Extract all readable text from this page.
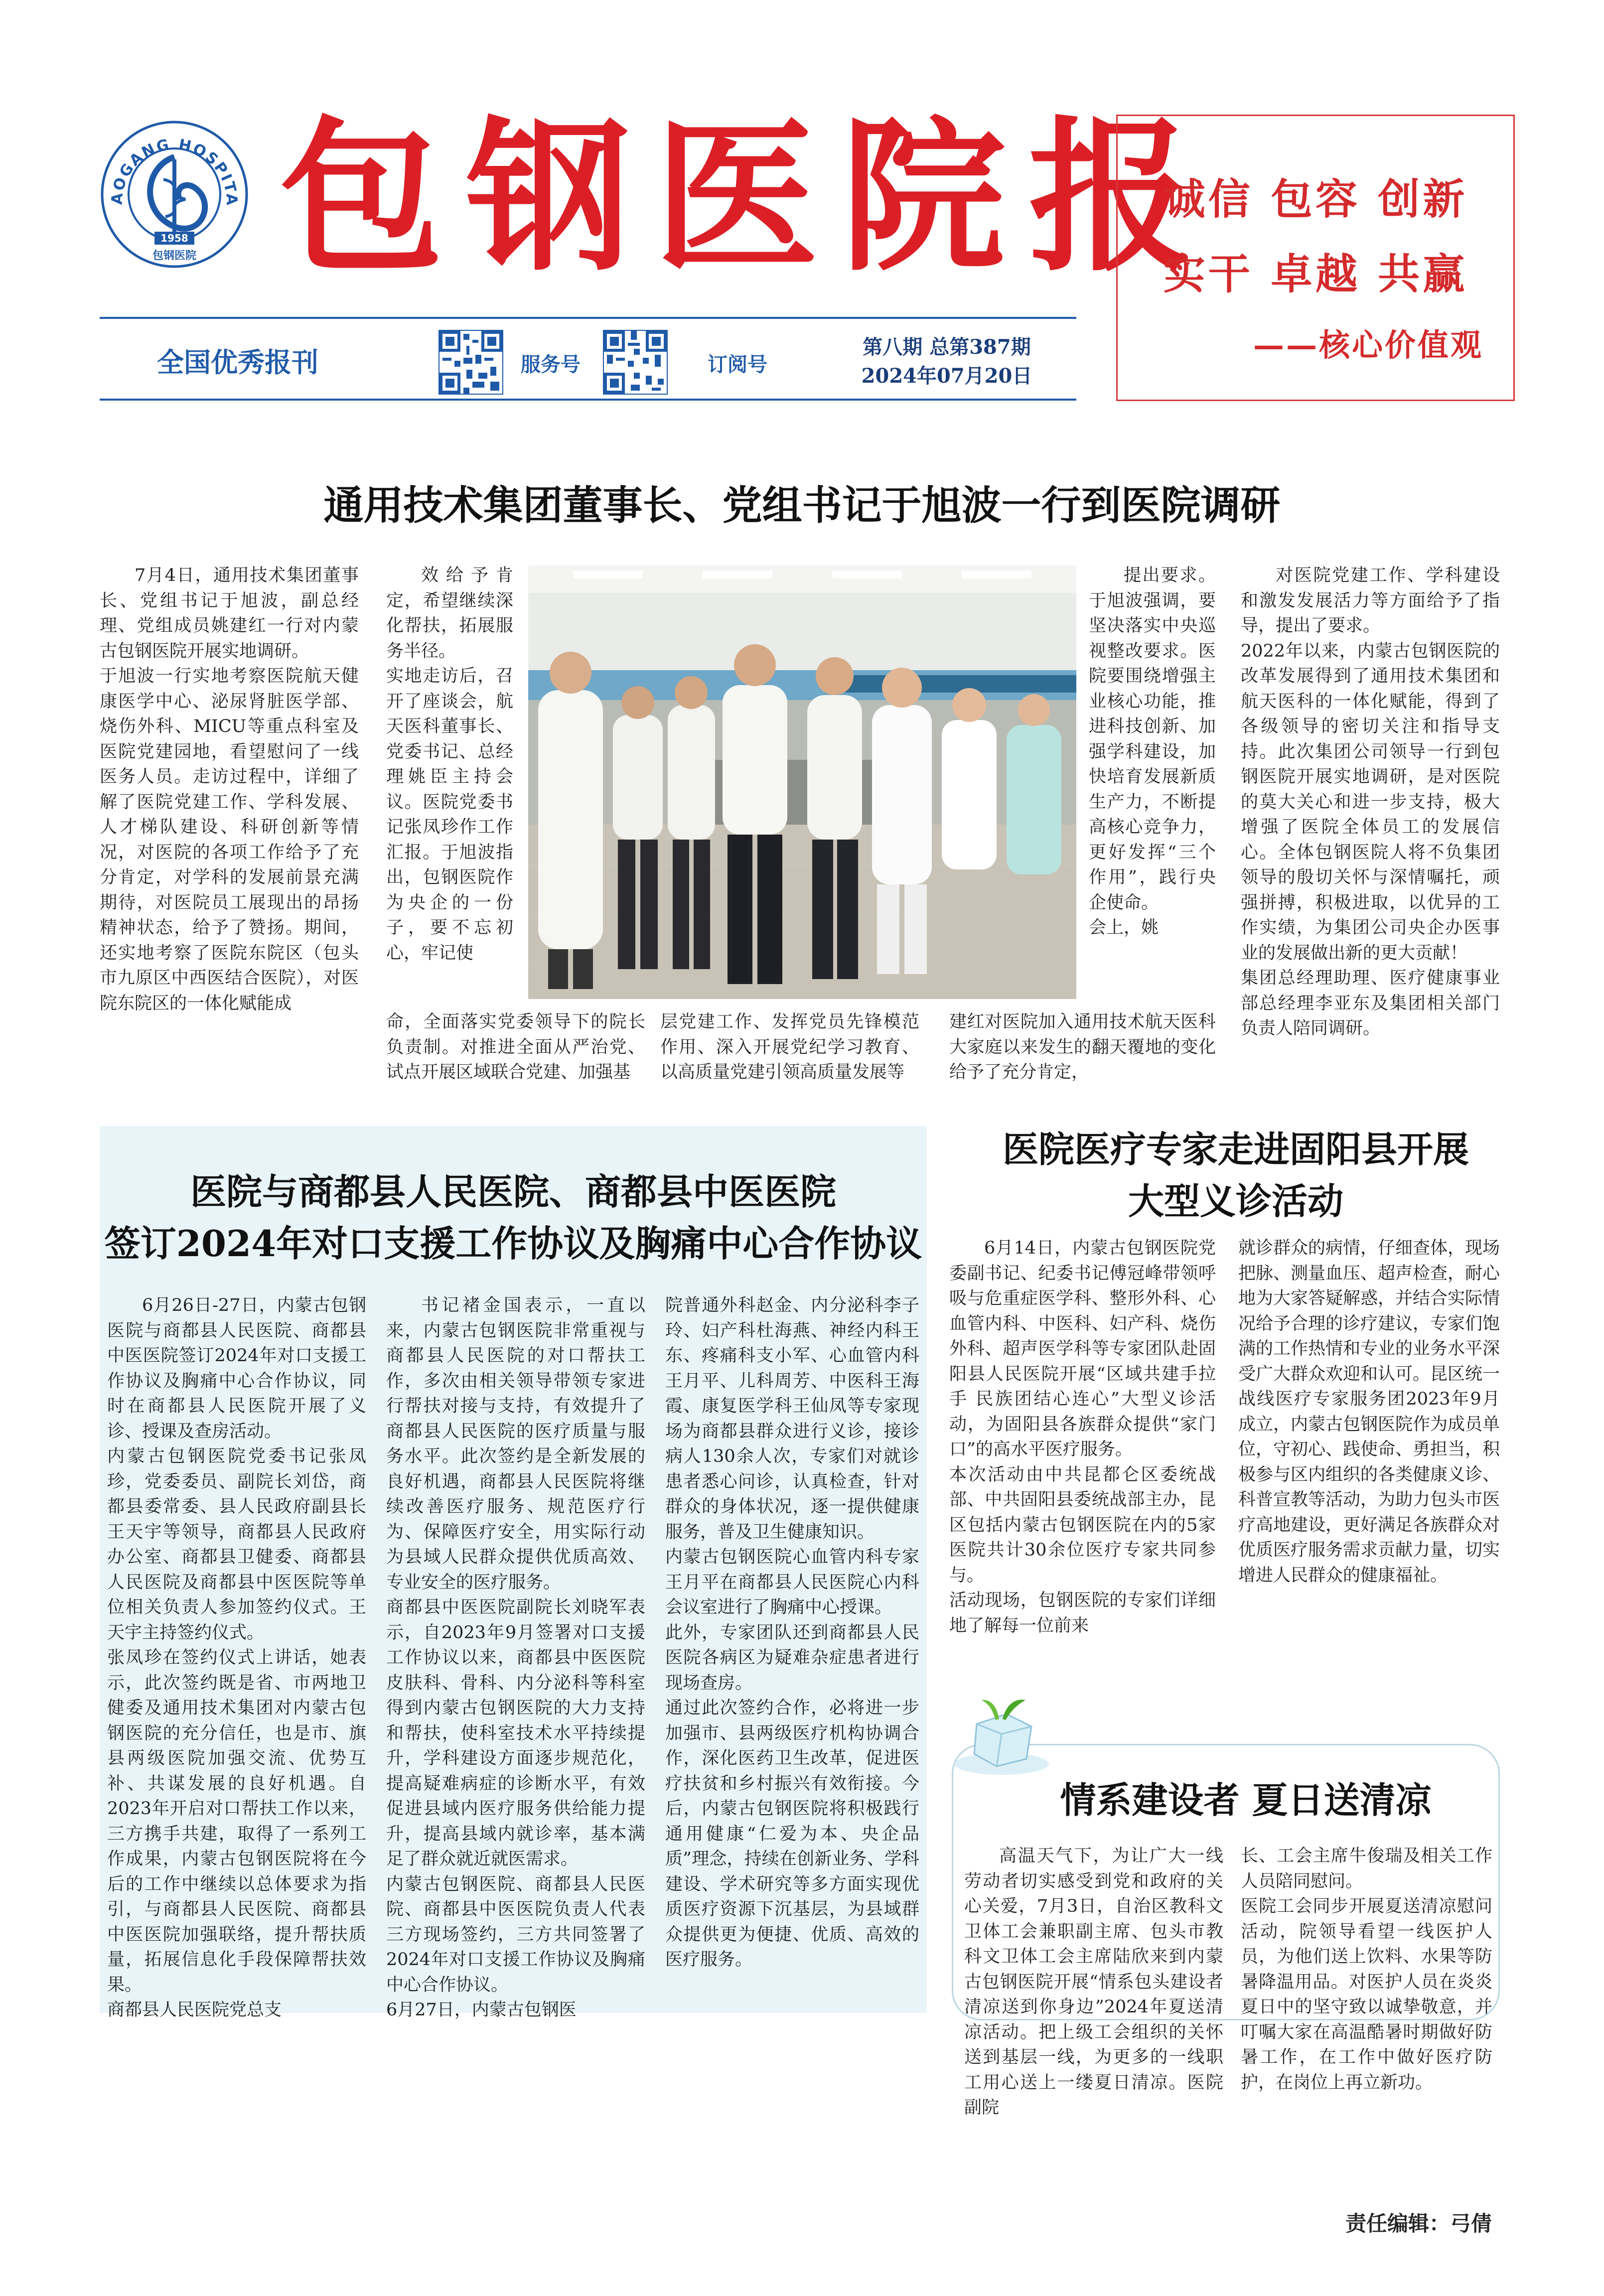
AOGANG HOSPITA
1958
包钢医院 包钢医院报
诚信 包容 创新
实干 卓越 共赢
——核心价值观
全国优秀报刊	服务号	订阅号
第八期 总第387期
2024年07月20日
通用技术集团董事长、党组书记于旭波一行到医院调研
7月4日，通用技术集团董事长、党组书记于旭波，副总经理、党组成员姚建红一行对内蒙古包钢医院开展实地调研。
于旭波一行实地考察医院航天健康医学中心、泌尿肾脏医学部、烧伤外科、MICU等重点科室及医院党建园地，看望慰问了一线医务人员。走访过程中，详细了解了医院党建工作、学科发展、人才梯队建设、科研创新等情况，对医院的各项工作给予了充分肯定，对学科的发展前景充满期待，对医院员工展现出的昂扬精神状态，给予了赞扬。期间，还实地考察了医院东院区（包头市九原区中西医结合医院），对医院东院区的一体化赋能成
效给予肯定，希望继续深化帮扶，拓展服务半径。
实地走访后，召开了座谈会，航天医科董事长、党委书记、总经理姚臣主持会议。医院党委书记张凤珍作工作汇报。于旭波指出，包钢医院作为央企的一份子，要不忘初心，牢记使

命，全面落实党委领导下的院长负责制。对推进全面从严治党、试点开展区域联合党建、加强基
层党建工作、发挥党员先锋模范作用、深入开展党纪学习教育、以高质量党建引领高质量发展等
提出要求。于旭波强调，要坚决落实中央巡视整改要求。医院要围绕增强主业核心功能，推进科技创新、加强学科建设，加快培育发展新质生产力，不断提高核心竞争力，更好发挥“三个作用”，践行央企使命。
会上，姚
建红对医院加入通用技术航天医科大家庭以来发生的翻天覆地的变化给予了充分肯定，
对医院党建工作、学科建设和激发发展活力等方面给予了指导，提出了要求。
2022年以来，内蒙古包钢医院的改革发展得到了通用技术集团和航天医科的一体化赋能，得到了各级领导的密切关注和指导支持。此次集团公司领导一行到包钢医院开展实地调研，是对医院的莫大关心和进一步支持，极大增强了医院全体员工的发展信心。全体包钢医院人将不负集团领导的殷切关怀与深情嘱托，顽强拼搏，积极进取，以优异的工作实绩，为集团公司央企办医事业的发展做出新的更大贡献！
集团总经理助理、医疗健康事业部总经理李亚东及集团相关部门负责人陪同调研。
医院与商都县人民医院、商都县中医医院
签订2024年对口支援工作协议及胸痛中心合作协议
6月26日-27日，内蒙古包钢医院与商都县人民医院、商都县中医医院签订2024年对口支援工作协议及胸痛中心合作协议，同时在商都县人民医院开展了义诊、授课及查房活动。
内蒙古包钢医院党委书记张凤珍，党委委员、副院长刘岱，商都县委常委、县人民政府副县长王天宇等领导，商都县人民政府办公室、商都县卫健委、商都县人民医院及商都县中医医院等单位相关负责人参加签约仪式。王天宇主持签约仪式。
张凤珍在签约仪式上讲话，她表示，此次签约既是省、市两地卫健委及通用技术集团对内蒙古包钢医院的充分信任，也是市、旗县两级医院加强交流、优势互补、共谋发展的良好机遇。自2023年开启对口帮扶工作以来，三方携手共建，取得了一系列工作成果，内蒙古包钢医院将在今后的工作中继续以总体要求为指引，与商都县人民医院、商都县中医医院加强联络，提升帮扶质量，拓展信息化手段保障帮扶效果。
商都县人民医院党总支
书记褚金国表示，一直以来，内蒙古包钢医院非常重视与商都县人民医院的对口帮扶工作，多次由相关领导带领专家进行帮扶对接与支持，有效提升了商都县人民医院的医疗质量与服务水平。此次签约是全新发展的良好机遇，商都县人民医院将继续改善医疗服务、规范医疗行为、保障医疗安全，用实际行动为县域人民群众提供优质高效、专业安全的医疗服务。
商都县中医医院副院长刘晓军表示，自2023年9月签署对口支援工作协议以来，商都县中医医院皮肤科、骨科、内分泌科等科室得到内蒙古包钢医院的大力支持和帮扶，使科室技术水平持续提升，学科建设方面逐步规范化，提高疑难病症的诊断水平，有效促进县域内医疗服务供给能力提升，提高县域内就诊率，基本满足了群众就近就医需求。
内蒙古包钢医院、商都县人民医院、商都县中医医院负责人代表三方现场签约，三方共同签署了2024年对口支援工作协议及胸痛中心合作协议。
6月27日，内蒙古包钢医
院普通外科赵金、内分泌科李子玲、妇产科杜海燕、神经内科王东、疼痛科支小军、心血管内科王月平、儿科周芳、中医科王海霞、康复医学科王仙凤等专家现场为商都县群众进行义诊，接诊病人130余人次，专家们对就诊患者悉心问诊，认真检查，针对群众的身体状况，逐一提供健康服务，普及卫生健康知识。
内蒙古包钢医院心血管内科专家王月平在商都县人民医院心内科会议室进行了胸痛中心授课。
此外，专家团队还到商都县人民医院各病区为疑难杂症患者进行现场查房。
通过此次签约合作，必将进一步加强市、县两级医疗机构协调合作，深化医药卫生改革，促进医疗扶贫和乡村振兴有效衔接。今后，内蒙古包钢医院将积极践行通用健康“仁爱为本、央企品质”理念，持续在创新业务、学科建设、学术研究等多方面实现优质医疗资源下沉基层，为县域群众提供更为便捷、优质、高效的医疗服务。
医院医疗专家走进固阳县开展
大型义诊活动
6月14日，内蒙古包钢医院党委副书记、纪委书记傅冠峰带领呼吸与危重症医学科、整形外科、心血管内科、中医科、妇产科、烧伤外科、超声医学科等专家团队赴固阳县人民医院开展“区域共建手拉手 民族团结心连心”大型义诊活动，为固阳县各族群众提供“家门口”的高水平医疗服务。
本次活动由中共昆都仑区委统战部、中共固阳县委统战部主办，昆区包括内蒙古包钢医院在内的5家医院共计30余位医疗专家共同参与。
活动现场，包钢医院的专家们详细地了解每一位前来
就诊群众的病情，仔细查体，现场把脉、测量血压、超声检查，耐心地为大家答疑解惑，并结合实际情况给予合理的诊疗建议，专家们饱满的工作热情和专业的业务水平深受广大群众欢迎和认可。昆区统一战线医疗专家服务团2023年9月成立，内蒙古包钢医院作为成员单位，守初心、践使命、勇担当，积极参与区内组织的各类健康义诊、科普宣教等活动，为助力包头市医疗高地建设，更好满足各族群众对优质医疗服务需求贡献力量，切实增进人民群众的健康福祉。
情系建设者 夏日送清凉
高温天气下，为让广大一线劳动者切实感受到党和政府的关心关爱，7月3日，自治区教科文卫体工会兼职副主席、包头市教科文卫体工会主席陆欣来到内蒙古包钢医院开展“情系包头建设者 清凉送到你身边”2024年夏送清凉活动。把上级工会组织的关怀送到基层一线，为更多的一线职工用心送上一缕夏日清凉。医院副院
长、工会主席牛俊瑞及相关工作人员陪同慰问。
医院工会同步开展夏送清凉慰问活动，院领导看望一线医护人员，为他们送上饮料、水果等防暑降温用品。对医护人员在炎炎夏日中的坚守致以诚挚敬意，并叮嘱大家在高温酷暑时期做好防暑工作，在工作中做好医疗防护，在岗位上再立新功。
责任编辑：弓倩
